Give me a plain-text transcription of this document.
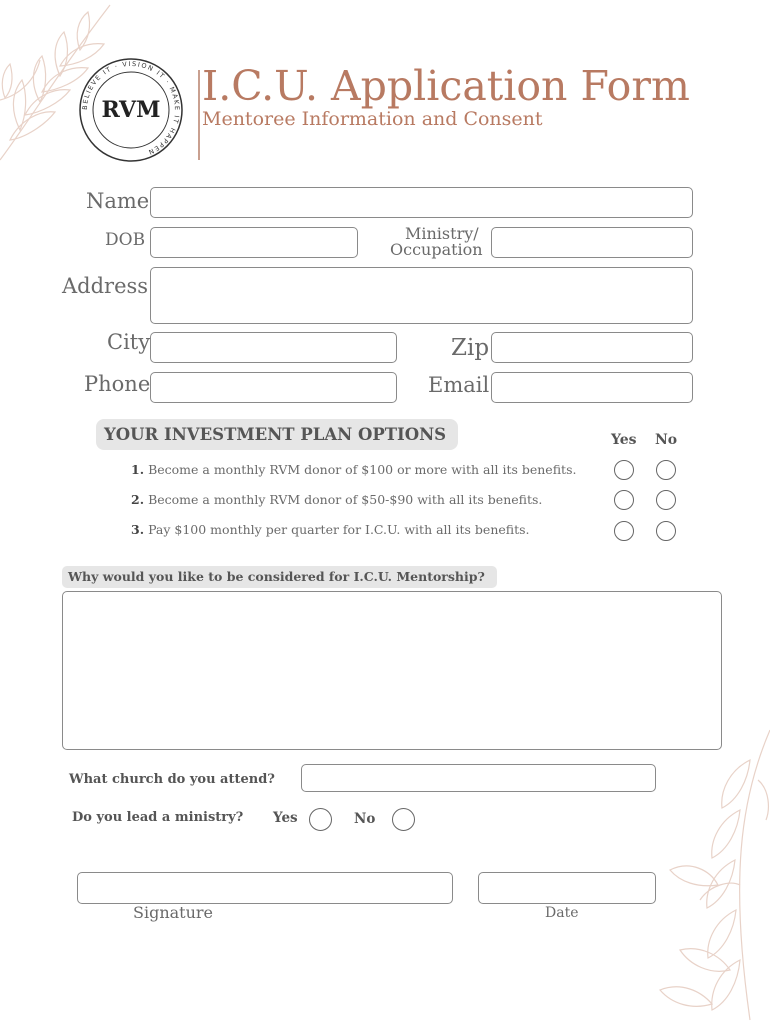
BELIEVE IT · VISION IT · MAKE IT HAPPEN
RVM I.C.U. Application Form
Mentoree Information and Consent
Name
DOB	Ministry/
Occupation
Address
City	Zip
Phone	Email
YOUR INVESTMENT PLAN OPTIONS	Yes No
1. Become a monthly RVM donor of $100 or more with all its benefits.
2. Become a monthly RVM donor of $50-$90 with all its benefits.
3. Pay $100 monthly per quarter for I.C.U. with all its benefits.
Why would you like to be considered for I.C.U. Mentorship?
What church do you attend?
Do you lead a ministry? Yes	No
Signature	Date
